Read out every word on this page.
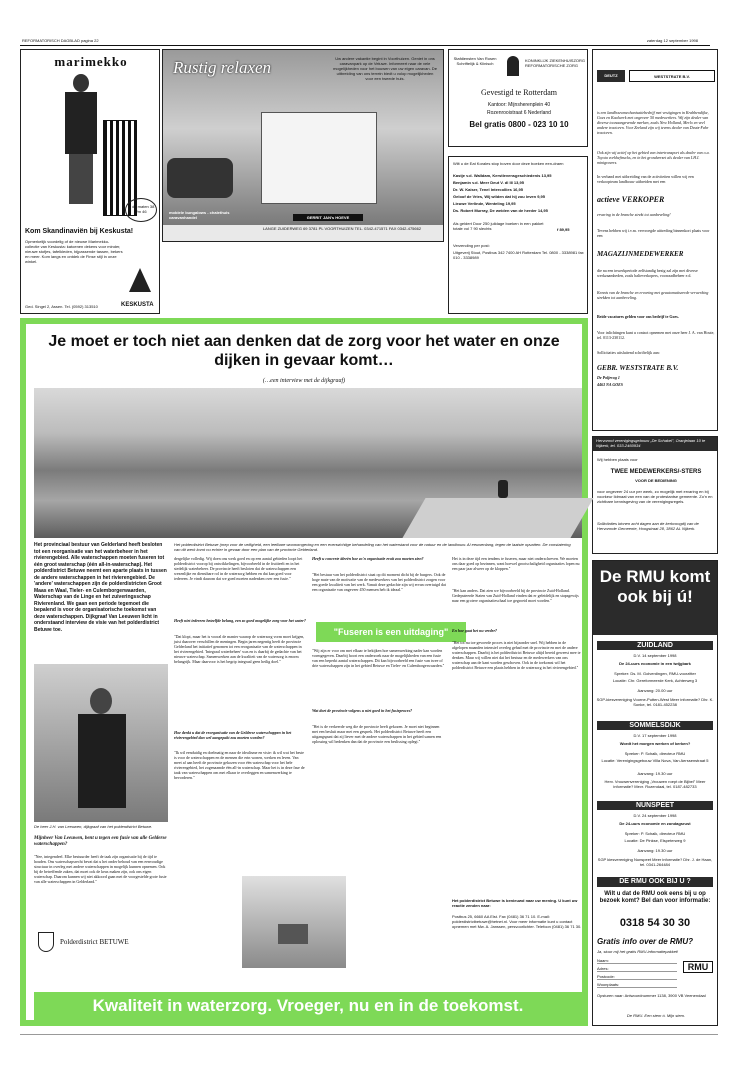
REFORMATORISCH DAGBLAD pagina 22	zaterdag 12 september 1998
marimekko
In de maten 38 t/m 46
Kom Skandinaviën bij Keskusta!
Opmerkelijk voordelig of de nieuwe Marimekko-collectie van Keskusta: katoenen dekens voor minder, nieuwe stofjes, tafelkleden, bijpassende tassen, bekers en meer. Kom langs en ontdek de Finse stijl in onze winkel.
Ged. Singel 2, Assen. Tel. (0592) 313510	KESKUSTA
Rustig relaxen	Uw andere vakantie begint in Voorthuizen. Geniet in ons caravanpark op de Veluwe. Informeert naar de vele mogelijkheden voor het bouwen van uw eigen caravan. De uitbreiding van ons terrein biedt u volop mogelijkheden voor een tweede huis.
mobiele bungalows - chalethuis caravanhandel	GERRIT JAN's HOEVE
LANGE ZUIDERWEG 69 3781 PL VOORTHUIZEN TEL. 0342-471571 FAX 0342-475662
Stafdiensten Van Rosen Schriftelijk & Klinisch
KONINKLIJK ZIEKENHUISZORG REFORMATORISCHE ZORG
Gevestigd te Rotterdam
Kantoor: Mijnsherenplein 40
Rozenrooistraat 6 Nederland
Bel gratis 0800 - 023 10 10
Wilt u de Eat Korales stop boven door deze boeken een-draen
Kastje v.d. Walldam, Kerstlevensgeschiedenis 13,95
Benjamin v.d. Meer Deut V. dl III 13,95
Dr. W. Kaiser, Tenel Intercollies 16,95
Geloof de Vries, Wij wilden dat hij zou leven 9,95
Lieuwe Verlinde, Wenteling 19,95
Ds. Robert Murray, De weiden van de herder 14,95
Als geldert Door 250 juildage boeken in een pakket totale vol 7 90 slechts	f 89,95
Verzending per post:
Uitgeverij Stout, Postbus 342 7400 AH Rotterdam Tel. 0800 - 3338981 fax 010 - 3338989
DEUTZ	WESTSTRATE B.V.
is een landbouwmechanisatiebedrijf met vestigingen in Krabbendijke, Goes en Kaalwerk met ongeveer 50 medewerkers. Wij zijn dealer van diverse toonaangevende merken, zoals New Holland, Merlo en veel andere tractoren. Voor Zeeland zijn wij tevens dealer van Deutz-Fahr tractoren.
Ook zijn wij actief op het gebied van intertransport als dealer van o.a. Toyota vorkheftrucks, en in het grondverzet als dealer van I.H.I. minigravers.
In verband met uitbreiding van de activiteiten willen wij een verkoopteam landbouw uitbreiden met een
actieve VERKOPER
ervaring in de branche strekt tot aanbeveling!
Tevens hebben wij i.v.m. vervroegde uittreding binnenkort plaats voor een
MAGAZIJNMEDEWERKER
die na een inwerkperiode zelfstandig bezig zal zijn met diverse werkzaamheden, zoals balieverkopers, voorraadbeheer e.d.
Kennis van de branche en ervaring met geautomatiseerde verwerking strekken tot aanbeveling.
Beide vacatures gelden voor ons bedrijf te Goes.
Voor inlichtingen kunt u contact opnemen met onze heer J. A. van Houte, tel. 0113-230112.
Sollicitaties uitsluitend schriftelijk aan:
GEBR. WESTSTRATE B.V.
De Poljevog 1
4463 NA GOES
Hervormd verenigingsgebouw „De Schakel", Oranjelaan 10 te Nijkerk, tel. 033-2460934
Wij hebben plaats voor
TWEE MEDEWERKERS/-STERS
VOOR DE BEDIENING
voor ongeveer 24 uur per week, zo mogelijk met ervaring en bij voorkeur lidmaat van een van de protestantse gemeente. Zo'n en zichtbare kennisgeving van de verenigingsregels.
Sollicitaties binnen acht dagen aan de kerkvoogdij van de Hervormde Gemeente, Hoogstraat 28, 3862 AL Nijkerk.
De RMU komt ook bij ú!
ZUIDLAND
D.V. 14 september 1998
De 24-uurs economie in een twijgbark
Spreker: Ds. M. Golverdingen, RMU-voorzitter
Locatie: Chr. Gereformeerde Kerk, Achterweg 3
Aanvang: 20.00 uur
SGP-kiesvereniging Voorne-Putten-West Meer informatie? Dhr. K. Sonke, tel. 0181-452238
SOMMELSDIJK
D.V. 17 september 1998
Wordt het morgen werken of kerken?
Spreker: P. Schalk, directeur RMU
Locatie: Verenigingsgebouw Villa Nova, Van Aerssenstraat 5
Aanvang: 19.30 uur
Herv. Vrouwenvereniging „Vrouwen roept de Bijbel" Meer informatie? Mevr. Rozendaal, tel. 0187-482733
NUNSPEET
D.V. 24 september 1998
De 24-uurs economie en zondagsrust
Spreker: P. Schalk, directeur RMU
Locatie: De Pinkse, Elspeterweg 9
Aanvang: 19.30 uur
SGP kiesvereniging Nunspeet Meer informatie? Dhr. J. de Haan, tel. 0341-264484
DE RMU OOK BIJ U ?
Wilt u dat de RMU ook eens bij u op bezoek komt? Bel dan voor informatie:
0318 54 30 30
Gratis info over de RMU?
Ja, stuur mij het gratis RMU-informatiepakket!
Naam:
Adres:
Postcode:
Woonplaats:
RMU
Opsturen naar: Antwoordnummer 1138, 3900 VB Veenendaal
De RMU. Een stem ó. Mijn stem.
Je moet er toch niet aan denken dat de zorg voor het water en onze dijken in gevaar komt…
(…een interview met de dijkgraaf)
Het polderdistrict Betuwe (mep voor de veiligheid, een leefbare woonomgeving en een evenwichtige behandeling van het waterstand voor de natuur en de landbouw. Al eeuwenlang, tegen de laatste opvatten. De constatering van dit werk komt nu echter in gevaar door een plan van de provincie Gelderland.
Het provinciaal bestuur van Gelderland heeft besloten tot een reorganisatie van het waterbeheer in het rivierengebied. Alle waterschappen moeten fuseren tot één groot waterschap (één all-in-waterschap). Het polderdistrict Betuwe neemt een aparte plaats in tussen de andere waterschappen in het rivierengebied. De 'andere' waterschappen zijn de polderdistricten Groot Maas en Waal, Tieler- en Culemborgerwaarden, Waterschap van de Linge en het zuiveringsschap Rivierenland. We gaan een periode tegemoet die bepalend is voor de organisatorische toekomst van deze waterschappen. Dijkgraaf Van Leeuwen licht in onderstaand interview de visie van het polderdistrict Betuwe toe.
De heer J.H. van Leeuwen, dijkgraaf van het polderdistrict Betuwe.
Mijnheer Van Leeuwen, bent u tegen een fusie van alle Gelderse waterschappen?
"Nee, integendeel. Elke bestuurder heeft de taak zijn organisatie bij de tijd te houden. Ons waterschapsrecht bevat dat u het onder behoud van een eenvoudige structuur in overleg met andere waterschappen in mogelijk kunnen opnemen. Ook bij de betreffende zaken, dat moet ook de keus maken zijn, ook ons eigen waterschap. Daarom kunnen wij niet akkoord gaan met de voorgestelde grote fusie van alle waterschappen in Gelderland."
Polderdistrict BETUWE
dergelijke volledig. Wij doen ons werk goed en op een aantal gebieden loopt het polderdistrict voorop bij ontwikkelingen, bijvoorbeeld in de fruitteelt en in het stedelijk waterbeheer. De provincie heeft besloten dat de waterschappen een wezenlijke en dienstbare rol in de watersorg hebben en dat kan goed voor iedereen. Je vindt daarom dat we goed moeten nadenken over een fusie."
Heeft niet iedereen hetzelfde belang, een zo goed mogelijke zorg voor het water?
"Dat klopt, maar het is vooral de manier waarop de watersorg vorm moet krijgen, juist daarover verschillen de meningen. Begin jaren negentig heeft de provincie Gelderland het initiatief genomen tot een reorganisatie van de waterschappen in het rivierengebied. 'Integraal waterbeheer' was en is daarbij de gedachte van het nieuwe waterschap. Samenwerken aan de kwaliteit van de watersorg is enorm belangrijk. Maar daarvoor is het begrip integraal geen heilig doel."
Hoe denkt u dat de reorganisatie van de Gelderse waterschappen in het rivierengebied dan wel aangepakt zou moeten worden?
"Ik wil eenduidig en doelmatig en naar de idealisme en visie: ik wil wat het beste is voor de waterschappen en de mensen die erin wonen, werken en leven. Van meet af aan heeft de provincie gekozen voor één waterschap voor het hele rivierengebied, het zogenaamde één all-in waterschap. Maar het is in deze fase de taak van waterschappen om met elkaar te overleggen en samenwerking te bevorderen."
Heeft u concrete ideeën hoe zo'n organisatie eruit zou moeten zien?
"Het bestuur van het polderdistrict staat op dit moment dicht bij de burgers. Ook de hoge mate van de motivatie van de medewerkers van het polderdistrict zorgen voor een goede kwaliteit van het werk. Vanuit deze gedachte zijn wij ervan overtuigd dat een organisatie van ongeveer 450 mensen heb ik ideaal."
"Fuseren is een uitdaging"
"Wij zijn er voor om met elkaar te bekijken hoe samenwerking nader kan worden vormgegeven. Daarbij hoort een onderzoek naar de mogelijkheden van een fusie van een beperkt aantal waterschappen. Dit kan bijvoorbeeld een fusie van twee of drie waterschappen zijn in het gebied Betuwe en Tieler- en Culemborgerwaarden."
Wat doet de provincie volgens u niet goed in het fusieproces?
"Het is de verkeerde weg die de provincie heeft gekozen. Je moet niet beginnen met een besluit maar met een gesprek. Het polderdistrict Betuwe heeft een uitgangspunt dat zij liever met de andere waterschappen in het gebied samen een oplossing wil bedenken dan dat de provincie een beslissing oplegt."
Het is in deze tijd een tendens te fuseren, maar niet onderschreven. We moeten ons daar goed op bezinnen, want hoewel grootschaligheid organisaties lopen nu een paar jaar alweer op de kloppen."
"Het kan anders. Dat zien we bijvoorbeeld bij de provincie Zuid-Holland. Gedeputeerde Staten van Zuid-Holland vinden dat er geleidelijk en stapsgewijs naar een grotere organisatieschaal toe gegroeid moet worden."
En hoe gaat het nu verder?
"Het tot nu toe gevoerde proces is niet bijzonder snel. Wij hebben in de afgelopen maanden intensief overleg gehad met de provincie en met de andere waterschappen. Daarbij is het polderdistrict Betuwe altijd bereid geweest mee te denken. Maar wij willen niet dat het bestuur en de medewerkers van ons waterschap aan de kant worden geschoven. Ook in de toekomst wil het polderdistrict Betuwe een plaats hebben in de watersorg in het rivierengebied."
Het polderdistrict Betuwe is benieuwd naar uw mening. U kunt uw reactie zenden naar:
Postbus 25, 6660 AA Elst. Fax (0481) 36 71 10. E-mail: polderdistrictbetuwe@hetnet.nl. Voor meer informatie kunt u contact opnemen met Mw. A. Janssen, persvoorlichter. Telefoon (0481) 36 71 30.
Kwaliteit in waterzorg. Vroeger, nu en in de toekomst.
